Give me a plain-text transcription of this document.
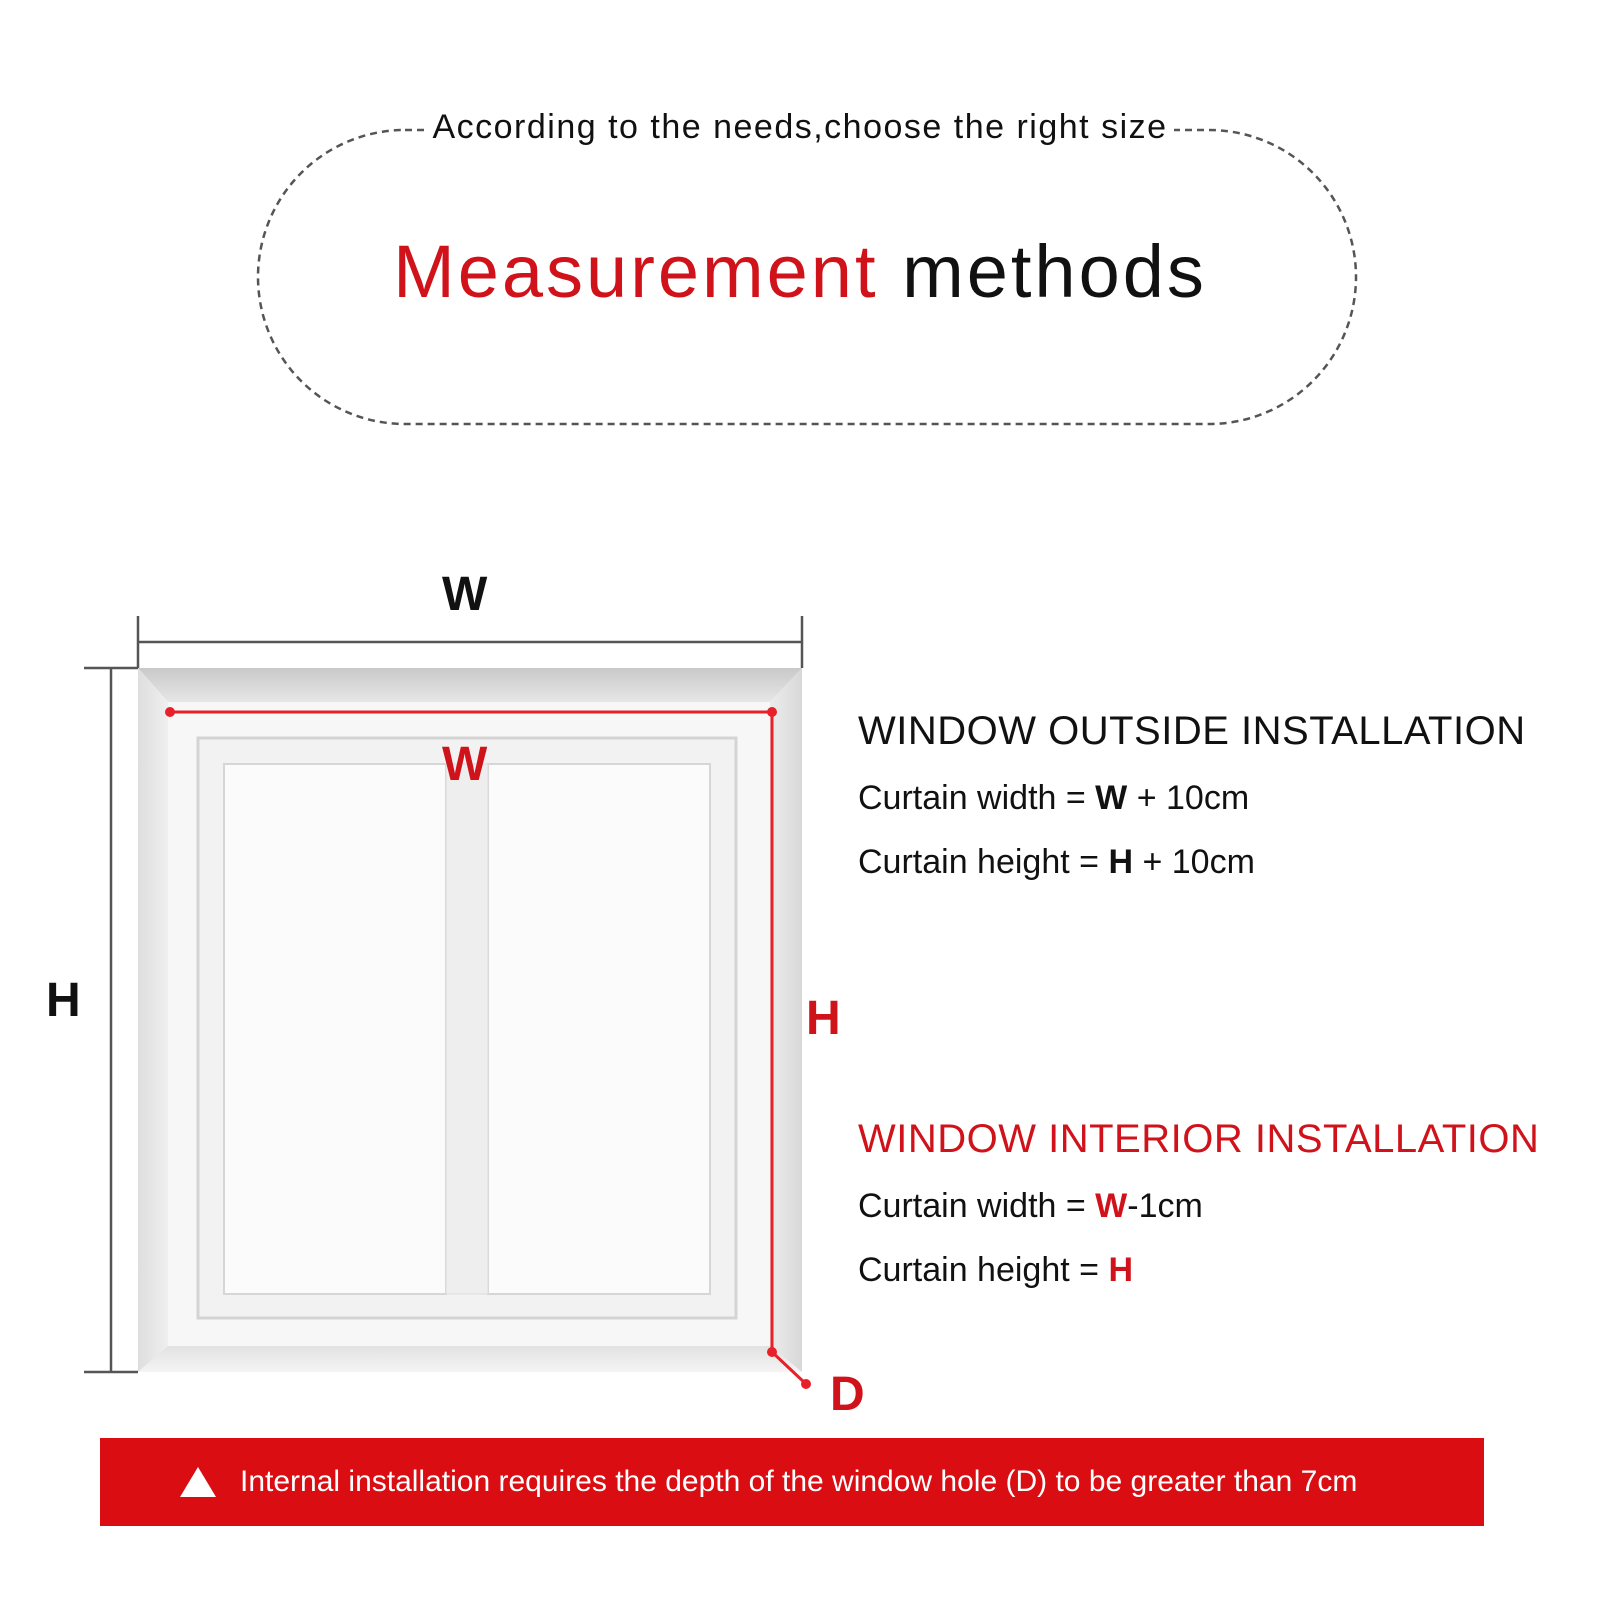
According to the needs,choose the right size
Measurement methods
W
H
W
H
D
WINDOW OUTSIDE INSTALLATION
Curtain width = W + 10cm
Curtain height = H + 10cm
WINDOW INTERIOR INSTALLATION
Curtain width = W-1cm
Curtain height = H
Internal installation requires the depth of the window hole (D) to be greater than 7cm
